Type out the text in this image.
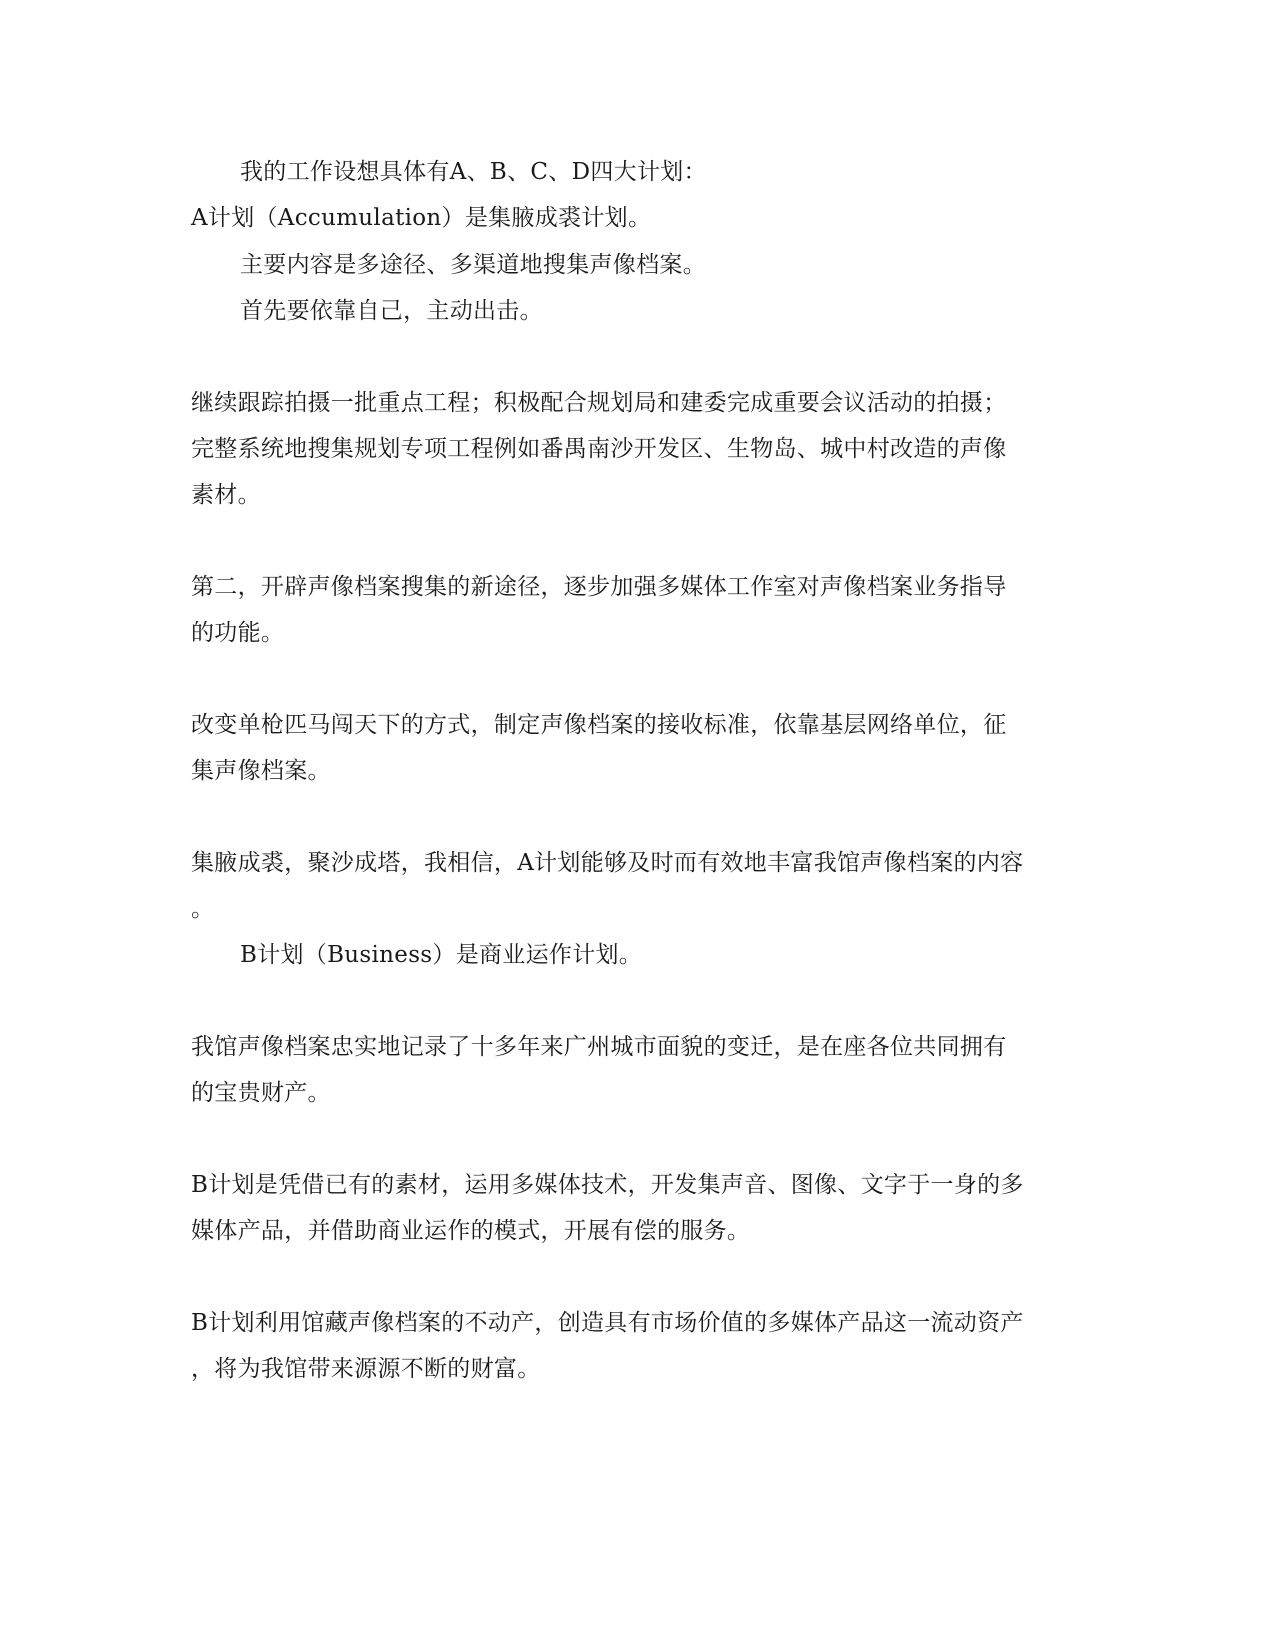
我的工作设想具体有A、B、C、D四大计划：
A计划（Accumulation）是集腋成裘计划。
主要内容是多途径、多渠道地搜集声像档案。
首先要依靠自己，主动出击。
继续跟踪拍摄一批重点工程；积极配合规划局和建委完成重要会议活动的拍摄；
完整系统地搜集规划专项工程例如番禺南沙开发区、生物岛、城中村改造的声像
素材。
第二，开辟声像档案搜集的新途径，逐步加强多媒体工作室对声像档案业务指导
的功能。
改变单枪匹马闯天下的方式，制定声像档案的接收标准，依靠基层网络单位，征
集声像档案。
集腋成裘，聚沙成塔，我相信，A计划能够及时而有效地丰富我馆声像档案的内容
。
B计划（Business）是商业运作计划。
我馆声像档案忠实地记录了十多年来广州城市面貌的变迁，是在座各位共同拥有
的宝贵财产。
B计划是凭借已有的素材，运用多媒体技术，开发集声音、图像、文字于一身的多
媒体产品，并借助商业运作的模式，开展有偿的服务。
B计划利用馆藏声像档案的不动产，创造具有市场价值的多媒体产品这一流动资产
，将为我馆带来源源不断的财富。
